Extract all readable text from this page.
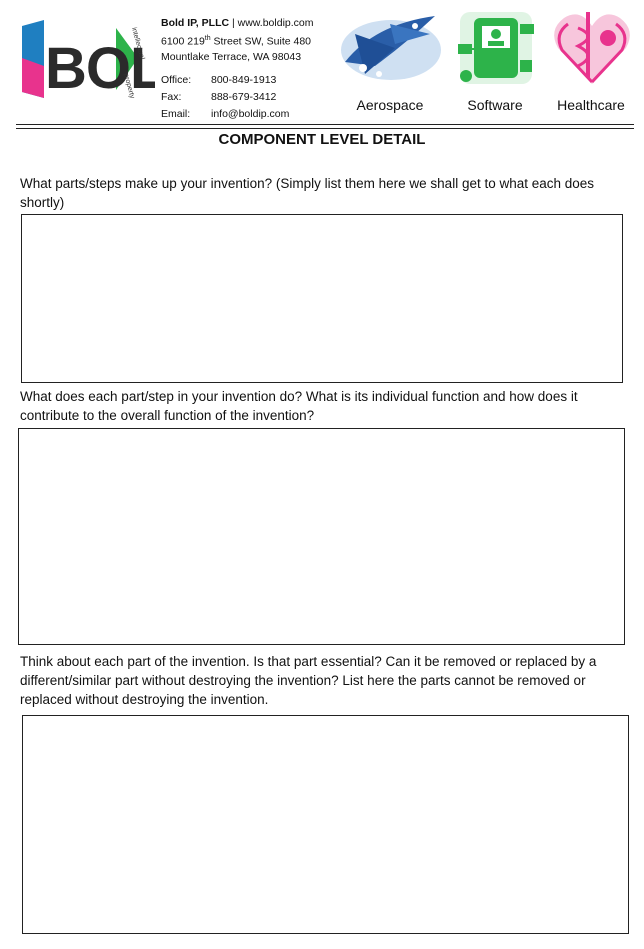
BOL
intellectual
property
Bold IP, PLLC | www.boldip.com
6100 219th Street SW, Suite 480
Mountlake Terrace, WA 98043
Office:	800-849-1913
Fax:	888-679-3412
Email:	info@boldip.com
Aerospace	Software	Healthcare
COMPONENT LEVEL DETAIL
What parts/steps make up your invention? (Simply list them here we shall get to what each does shortly)
What does each part/step in your invention do? What is its individual function and how does it contribute to the overall function of the invention?
Think about each part of the invention. Is that part essential? Can it be removed or replaced by a different/similar part without destroying the invention? List here the parts cannot be removed or replaced without destroying the invention.
